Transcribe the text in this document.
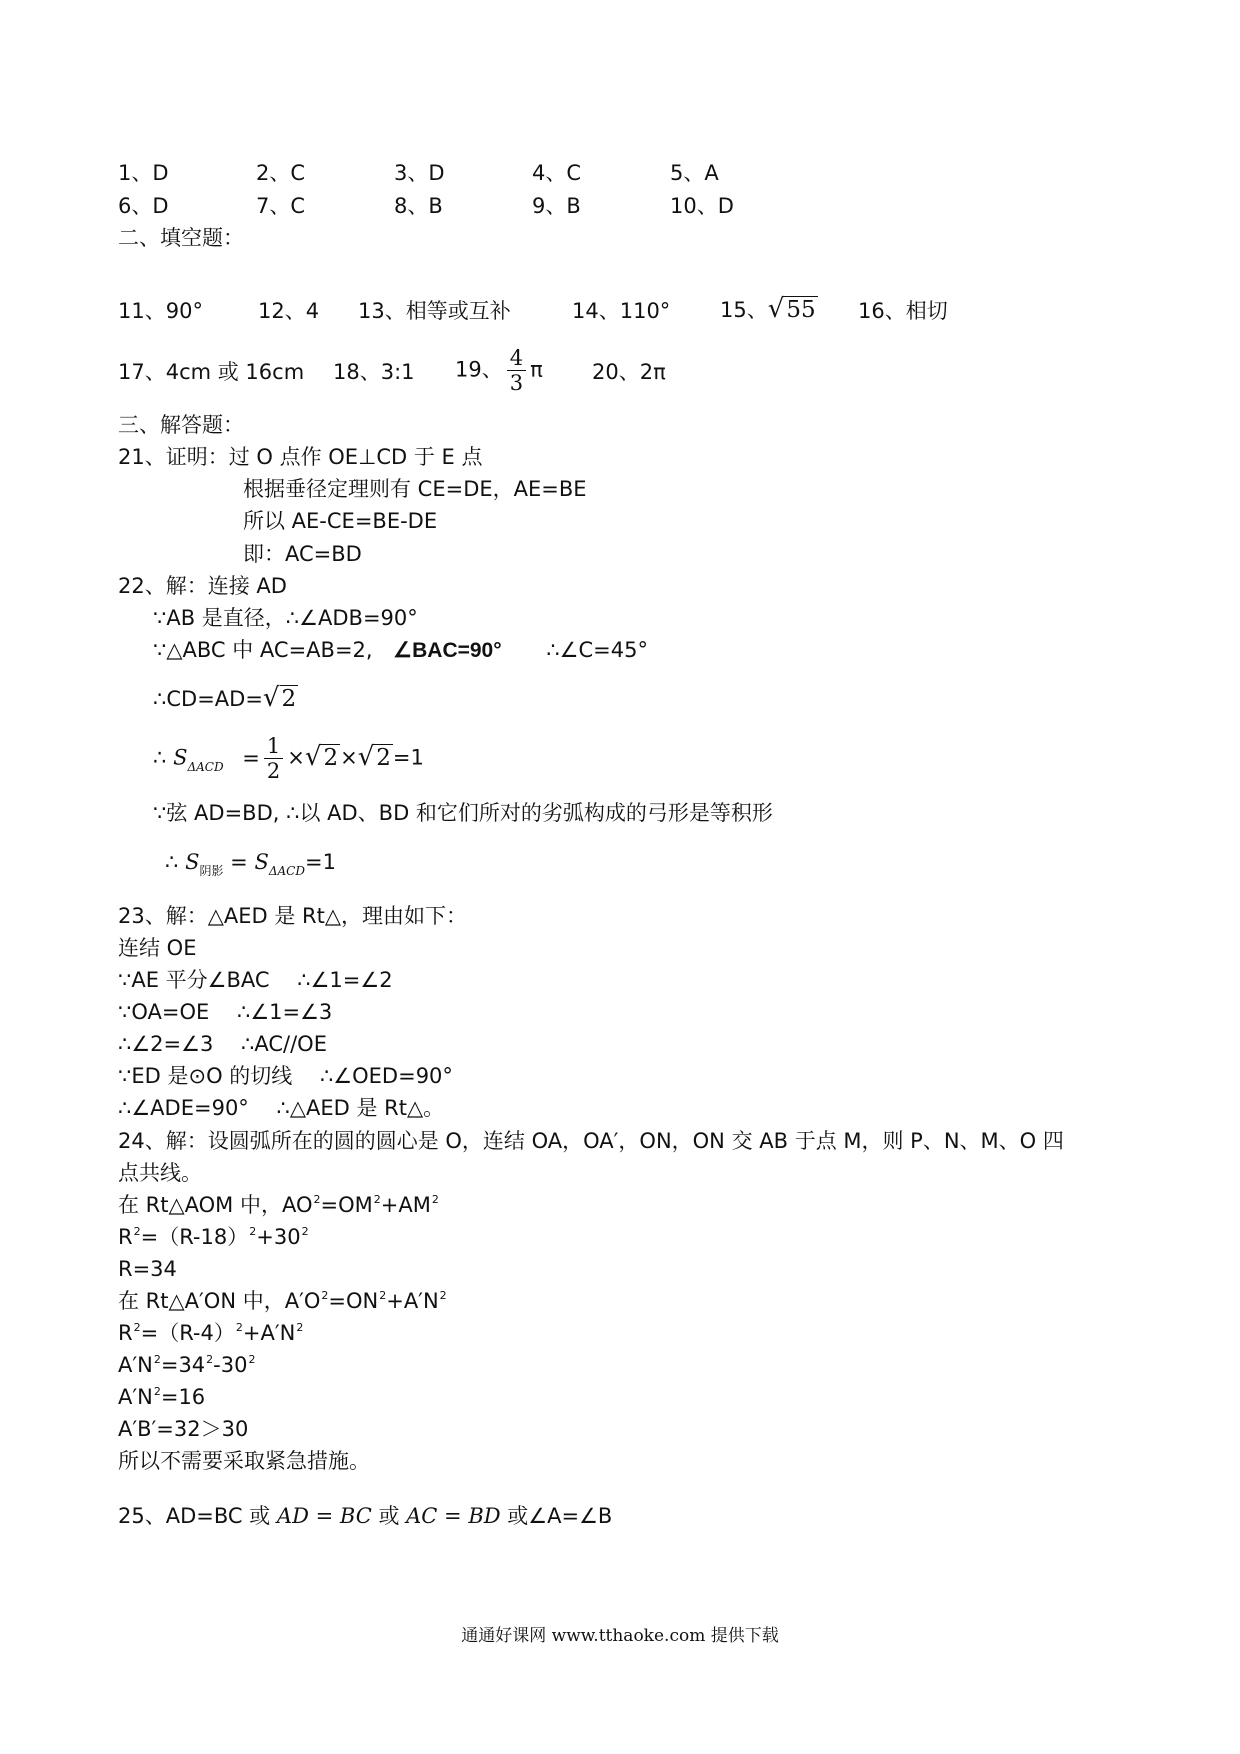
1、D	2、C	3、D	4、C	5、A
6、D	7、C	8、B	9、B	10、D
二、填空题：
11、90°	12、4 13、相等或互补	14、110° 15、√55 16、相切
17、4cm 或 16cm 18、3:1 19、 $\frac{4}{3}$ π 20、2π
三、解答题：
21、证明：过 O 点作 OE⊥CD 于 E 点
根据垂径定理则有 CE=DE，AE=BE
所以 AE-CE=BE-DE
即：AC=BD
22、解：连接 AD
∵AB 是直径，∴∠ADB=90°
∵△ABC 中 AC=AB=2, ∠BAC=90° ∴∠C=45°
∴CD=AD=√2
∴ $S_{\Delta ACD} = \frac{1}{2} \times√2\times√2=1$
∵弦 AD=BD, ∴以 AD、BD 和它们所对的劣弧构成的弓形是等积形
∴ $S_{阴影} = S_{\Delta ACD}=1$
23、解：△AED 是 Rt△，理由如下：
连结 OE
∵AE 平分∠BAC　 ∴∠1=∠2
∵OA=OE　 ∴∠1=∠3
∴∠2=∠3　 ∴AC//OE
∵ED 是⊙O 的切线　 ∴∠OED=90°
∴∠ADE=90°　 ∴△AED 是 Rt△。
24、解：设圆弧所在的圆的圆心是 O，连结 OA，OA′，ON，ON 交 AB 于点 M，则 P、N、M、O 四
点共线。
在 Rt△AOM 中，$AO^2=OM^2+AM^2$
$R^2=(R-18)^2+30^2$
R=34
在 Rt△A′ON 中，$A'O^2=ON^2+A'N^2$
$R^2=(R-4)^2+A'N^2$
$A'N^2=34^2-30^2$
$A'N^2=16$
A′B′=32＞30
所以不需要采取紧急措施。
25、AD=BC 或 AD = BC 或 AC = BD 或∠A=∠B
通通好课网 www.tthaoke.com 提供下载
